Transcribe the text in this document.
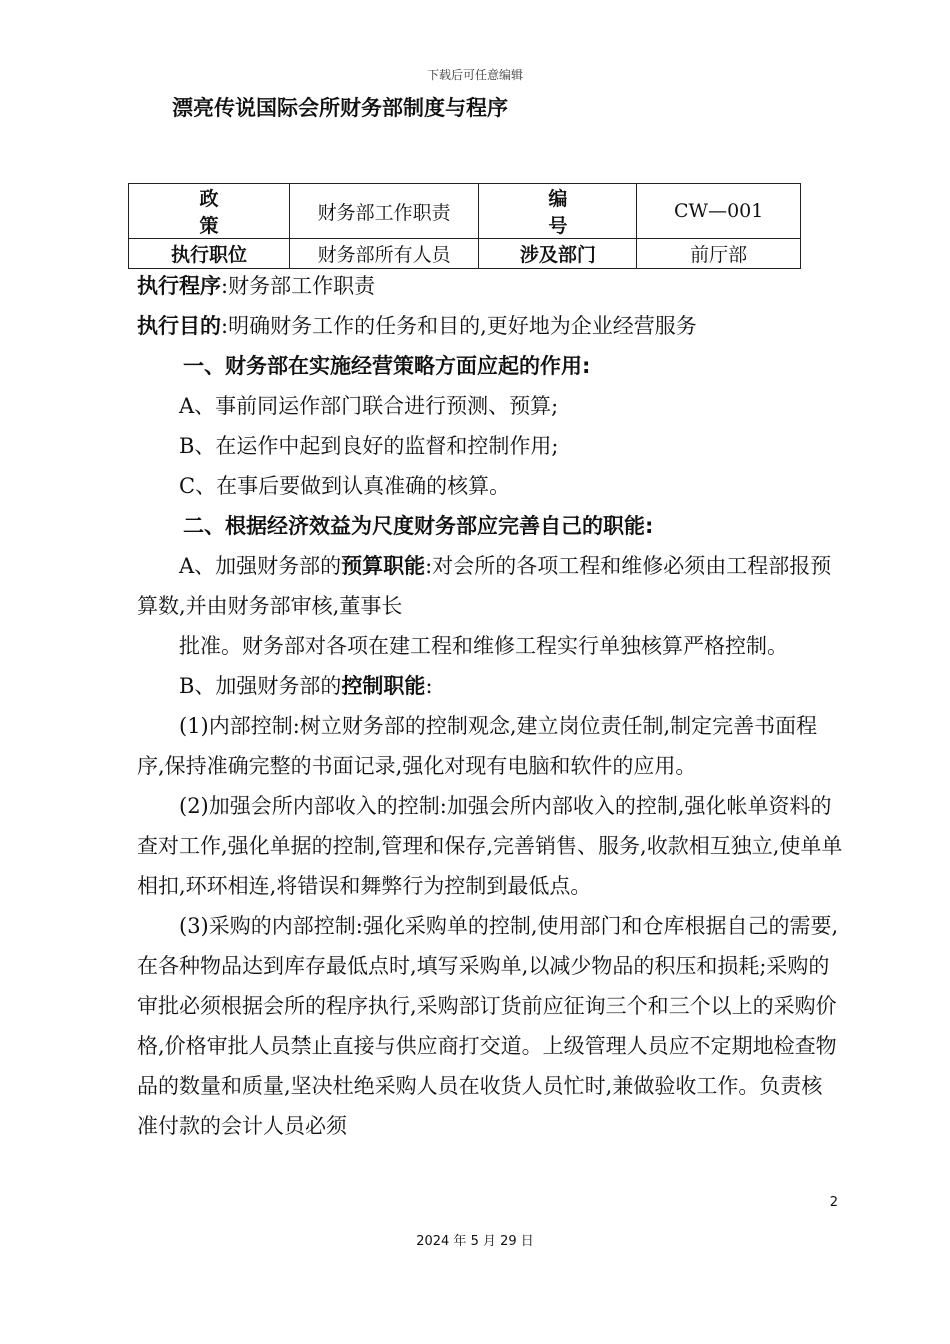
下载后可任意编辑
漂亮传说国际会所财务部制度与程序
政策	财务部工作职责	编号	CW—001
执行职位	财务部所有人员	涉及部门	前厅部

执行程序:财务部工作职责

执行目的:明确财务工作的任务和目的,更好地为企业经营服务

一、财务部在实施经营策略方面应起的作用:

A、事前同运作部门联合进行预测、预算;

B、在运作中起到良好的监督和控制作用;

C、在事后要做到认真准确的核算。

二、根据经济效益为尺度财务部应完善自己的职能:

A、加强财务部的预算职能:对会所的各项工程和维修必须由工程部报预算数,并由财务部审核,董事长

批准。财务部对各项在建工程和维修工程实行单独核算严格控制。

B、加强财务部的控制职能:

(1)内部控制:树立财务部的控制观念,建立岗位责任制,制定完善书面程序,保持准确完整的书面记录,强化对现有电脑和软件的应用。

(2)加强会所内部收入的控制:加强会所内部收入的控制,强化帐单资料的查对工作,强化单据的控制,管理和保存,完善销售、服务,收款相互独立,使单单相扣,环环相连,将错误和舞弊行为控制到最低点。

(3)采购的内部控制:强化采购单的控制,使用部门和仓库根据自己的需要,在各种物品达到库存最低点时,填写采购单,以减少物品的积压和损耗;采购的审批必须根据会所的程序执行,采购部订货前应征询三个和三个以上的采购价格,价格审批人员禁止直接与供应商打交道。上级管理人员应不定期地检查物品的数量和质量,坚决杜绝采购人员在收货人员忙时,兼做验收工作。负责核准付款的会计人员必须

2
2024 年 5 月 29 日
